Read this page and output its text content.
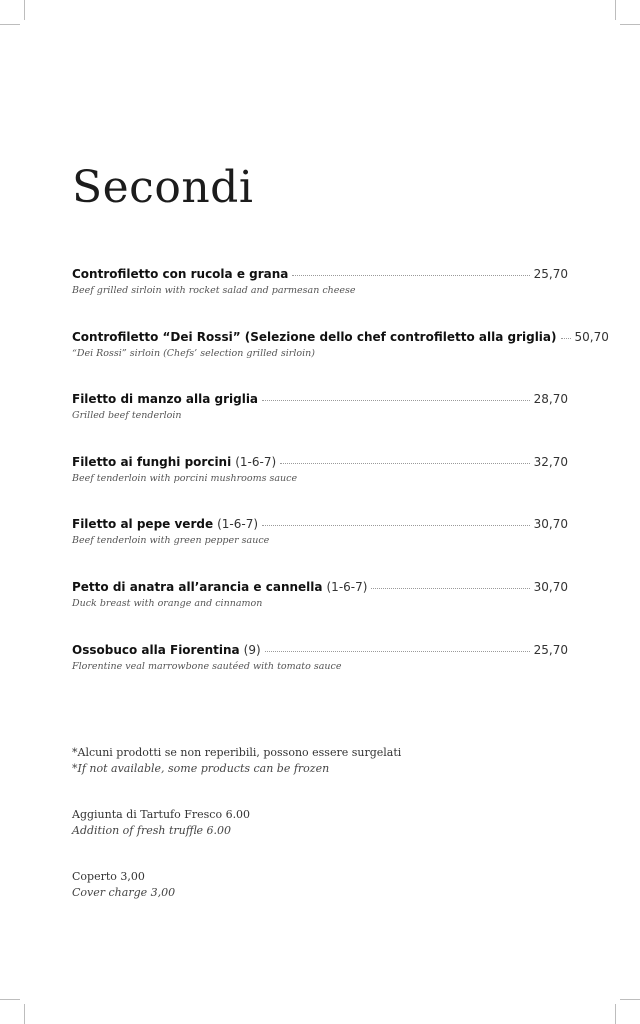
Secondi
Controfiletto con rucola e grana	25,70
Beef grilled sirloin with rocket salad and parmesan cheese
Controfiletto “Dei Rossi” (Selezione dello chef controfiletto alla griglia) 50,70
“Dei Rossi” sirloin (Chefs’ selection grilled sirloin)
Filetto di manzo alla griglia	28,70
Grilled beef tenderloin
Filetto ai funghi porcini (1-6-7)	32,70
Beef tenderloin with porcini mushrooms sauce
Filetto al pepe verde (1-6-7)	30,70
Beef tenderloin with green pepper sauce
Petto di anatra all’arancia e cannella (1-6-7)	30,70
Duck breast with orange and cinnamon
Ossobuco alla Fiorentina (9)	25,70
Florentine veal marrowbone sautéed with tomato sauce
*Alcuni prodotti se non reperibili, possono essere surgelati
*If not available, some products can be frozen
Aggiunta di Tartufo Fresco 6.00
Addition of fresh truffle 6.00
Coperto 3,00
Cover charge 3,00
